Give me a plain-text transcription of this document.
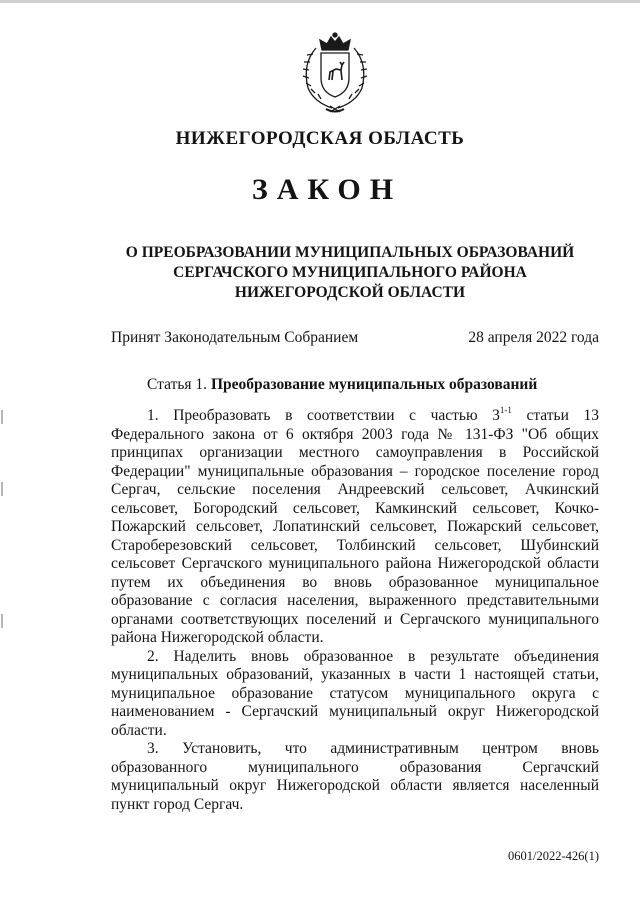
НИЖЕГОРОДСКАЯ ОБЛАСТЬ
ЗАКОН
О ПРЕОБРАЗОВАНИИ МУНИЦИПАЛЬНЫХ ОБРАЗОВАНИЙ
СЕРГАЧСКОГО МУНИЦИПАЛЬНОГО РАЙОНА
НИЖЕГОРОДСКОЙ ОБЛАСТИ
Принят Законодательным Собранием	28 апреля 2022 года
Статья 1. Преобразование муниципальных образований

1. Преобразовать в соответствии с частью 3$^{1-1}$ статьи 13 Федерального закона от 6 октября 2003 года № 131-ФЗ "Об общих принципах организации местного самоуправления в Российской Федерации" муниципальные образования – городское поселение город Сергач, сельские поселения Андреевский сельсовет, Ачкинский сельсовет, Богородский сельсовет, Камкинский сельсовет, Кочко-Пожарский сельсовет, Лопатинский сельсовет, Пожарский сельсовет, Староберезовский сельсовет, Толбинский сельсовет, Шубинский сельсовет Сергачского муниципального района Нижегородской области путем их объединения во вновь образованное муниципальное образование с согласия населения, выраженного представительными органами соответствующих поселений и Сергачского муниципального района Нижегородской области.

2. Наделить вновь образованное в результате объединения муниципальных образований, указанных в части 1 настоящей статьи, муниципальное образование статусом муниципального округа с наименованием - Сергачский муниципальный округ Нижегородской области.

3. Установить, что административным центром вновь образованного муниципального образования Сергачский муниципальный округ Нижегородской области является населенный пункт город Сергач.

0601/2022-426(1)
